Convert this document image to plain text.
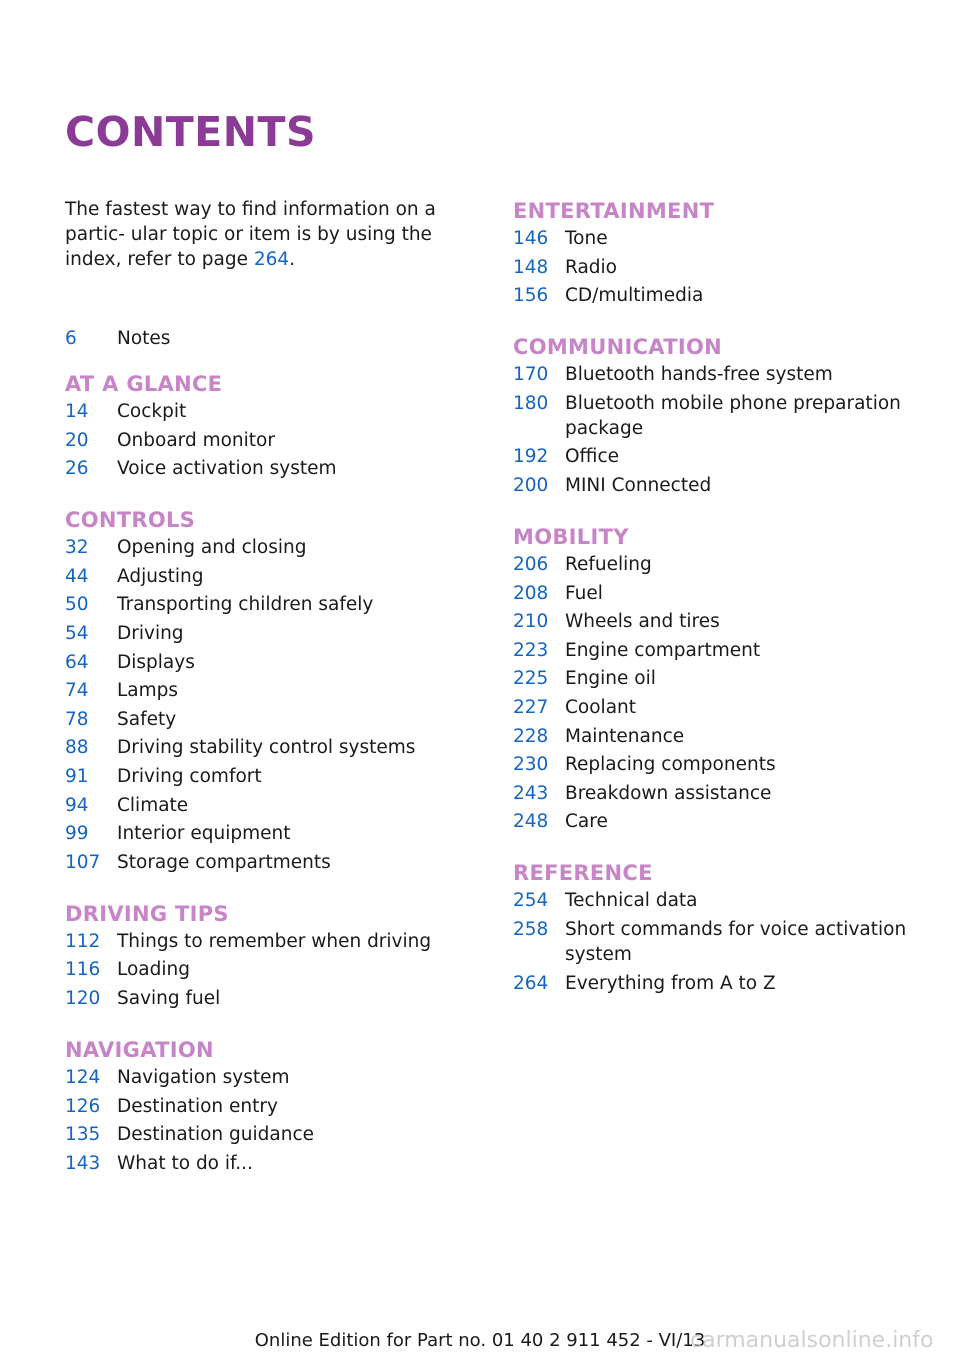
CONTENTS

The fastest way to find information on a partic‐ ular topic or item is by using the index, refer to page 264.

6 Notes
AT A GLANCE
14 Cockpit
20 Onboard monitor
26 Voice activation system
CONTROLS
32 Opening and closing
44 Adjusting
50 Transporting children safely
54 Driving
64 Displays
74 Lamps
78 Safety
88 Driving stability control systems
91 Driving comfort
94 Climate
99 Interior equipment
107 Storage compartments
DRIVING TIPS
112 Things to remember when driving
116 Loading
120 Saving fuel
NAVIGATION
124 Navigation system
126 Destination entry
135 Destination guidance
143 What to do if...
ENTERTAINMENT
146 Tone
148 Radio
156 CD/multimedia
COMMUNICATION
170 Bluetooth hands-free system
180 Bluetooth mobile phone preparation package
192 Office
200 MINI Connected
MOBILITY
206 Refueling
208 Fuel
210 Wheels and tires
223 Engine compartment
225 Engine oil
227 Coolant
228 Maintenance
230 Replacing components
243 Breakdown assistance
248 Care
REFERENCE
254 Technical data
258 Short commands for voice activation system
264 Everything from A to Z
Online Edition for Part no. 01 40 2 911 452 - VI/13
carmanualsonline.info
